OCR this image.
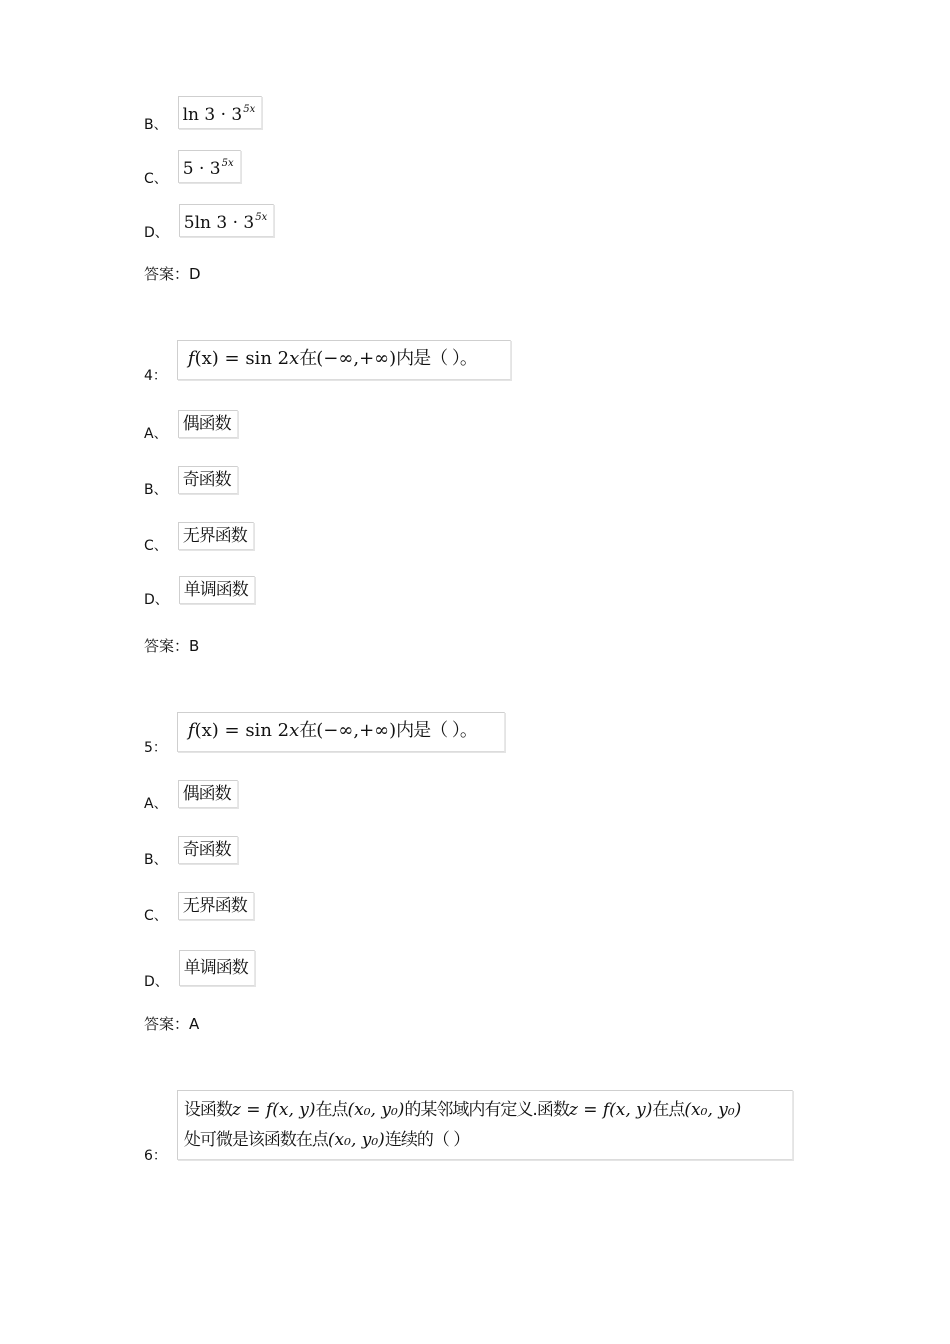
B、 $\ln 3 \cdot 3^{5x}$
C、 $5 \cdot 3^{5x}$
D、 5ln $3 \cdot 3^{5x}$
答案：D
4：
f(x) = sin 2x在(−∞,+∞)内是（ ）。
A、 偶函数
B、 奇函数
C、 无界函数
D、 单调函数
答案：B
5：
f(x) = sin 2x在(−∞,+∞)内是（ ）。
A、 偶函数
B、 奇函数
C、 无界函数
D、
单调函数
答案：A
6：
设函数z = f(x, y)在点(x₀, y₀)的某邻域内有定义.函数z = f(x, y)在点(x₀, y₀)
处可微是该函数在点(x₀, y₀)连续的（ ）
